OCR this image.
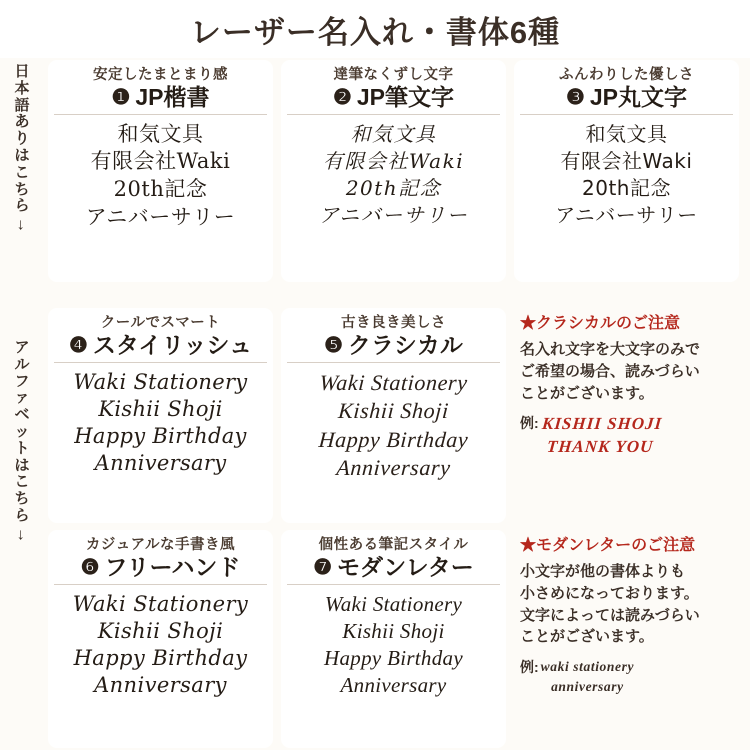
レーザー名入れ・書体6種
日
本
語
あ
り
は
こ
ち
ら
→
ア
ル
フ
ァ
ベ
ッ
ト
は
こ
ち
ら
→
安定したまとまり感
❶ JP楷書
和気文具
有限会社Waki
20th記念
アニバーサリー
達筆なくずし文字
❷ JP筆文字
和気文具
有限会社Waki
20th記念
アニバーサリー
ふんわりした優しさ
❸ JP丸文字
和気文具
有限会社Waki
20th記念
アニバーサリー
クールでスマート
❹ スタイリッシュ
Waki Stationery
Kishii Shoji
Happy Birthday
Anniversary
古き良き美しさ
❺ クラシカル
Waki Stationery
Kishii Shoji
Happy Birthday
Anniversary
★クラシカルのご注意

名入れ文字を大文字のみで

ご希望の場合、読みづらい

ことがございます。

例: KISHII SHOJI
THANK YOU
カジュアルな手書き風
❻ フリーハンド
Waki Stationery
Kishii Shoji
Happy Birthday
Anniversary
個性ある筆記スタイル
❼ モダンレター
Waki Stationery
Kishii Shoji
Happy Birthday
Anniversary
★モダンレターのご注意

小文字が他の書体よりも

小さめになっております。

文字によっては読みづらい

ことがございます。

例: waki stationery
anniversary
